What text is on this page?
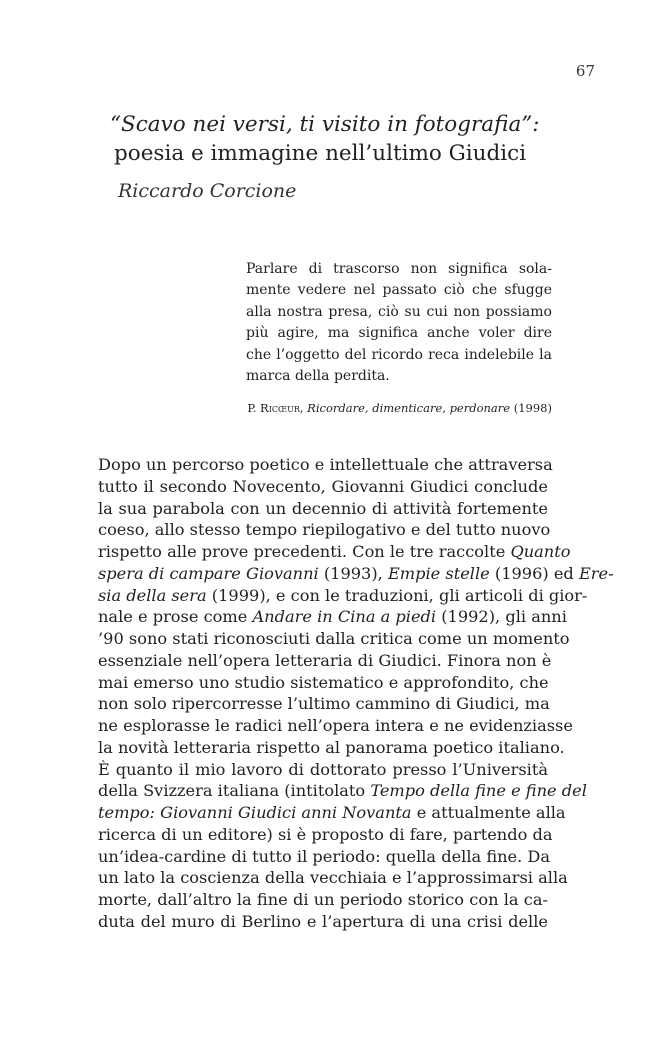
67
“Scavo nei versi, ti visito in fotografia”:
poesia e immagine nell’ultimo Giudici
Riccardo Corcione

Parlare di trascorso non significa solamente vedere nel passato ciò che sfugge alla nostra presa, ciò su cui non possiamo più agire, ma significa anche voler dire che l’oggetto del ricordo reca indelebile la marca della perdita.

P. Ricœur, Ricordare, dimenticare, perdonare (1998)
Dopo un percorso poetico e intellettuale che attraversa
tutto il secondo Novecento, Giovanni Giudici conclude
la sua parabola con un decennio di attività fortemente
coeso, allo stesso tempo riepilogativo e del tutto nuovo
rispetto alle prove precedenti. Con le tre raccolte Quanto
spera di campare Giovanni (1993), Empie stelle (1996) ed Ere-
sia della sera (1999), e con le traduzioni, gli articoli di gior-
nale e prose come Andare in Cina a piedi (1992), gli anni
’90 sono stati riconosciuti dalla critica come un momento
essenziale nell’opera letteraria di Giudici. Finora non è
mai emerso uno studio sistematico e approfondito, che
non solo ripercorresse l’ultimo cammino di Giudici, ma
ne esplorasse le radici nell’opera intera e ne evidenziasse
la novità letteraria rispetto al panorama poetico italiano.
È quanto il mio lavoro di dottorato presso l’Università
della Svizzera italiana (intitolato Tempo della fine e fine del
tempo: Giovanni Giudici anni Novanta e attualmente alla
ricerca di un editore) si è proposto di fare, partendo da
un’idea-cardine di tutto il periodo: quella della fine. Da
un lato la coscienza della vecchiaia e l’approssimarsi alla
morte, dall’altro la fine di un periodo storico con la ca-
duta del muro di Berlino e l’apertura di una crisi delle
